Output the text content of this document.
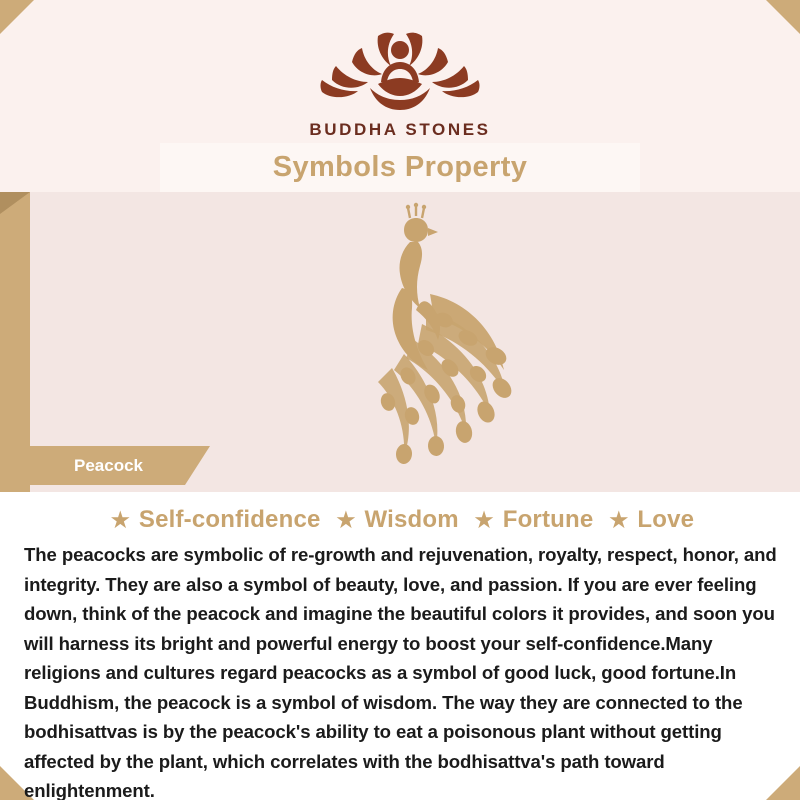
BUDDHA STONES
Symbols Property
Peacock
★ Self-confidence ★ Wisdom ★ Fortune ★ Love
The peacocks are symbolic of re-growth and rejuvenation, royalty, respect, honor, and integrity. They are also a symbol of beauty, love, and passion. If you are ever feeling down, think of the peacock and imagine the beautiful colors it provides, and soon you will harness its bright and powerful energy to boost your self-confidence.Many religions and cultures regard peacocks as a symbol of good luck, good fortune.In Buddhism, the peacock is a symbol of wisdom. The way they are connected to the bodhisattvas is by the peacock's ability to eat a poisonous plant without getting affected by the plant, which correlates with the bodhisattva's path toward enlightenment.
